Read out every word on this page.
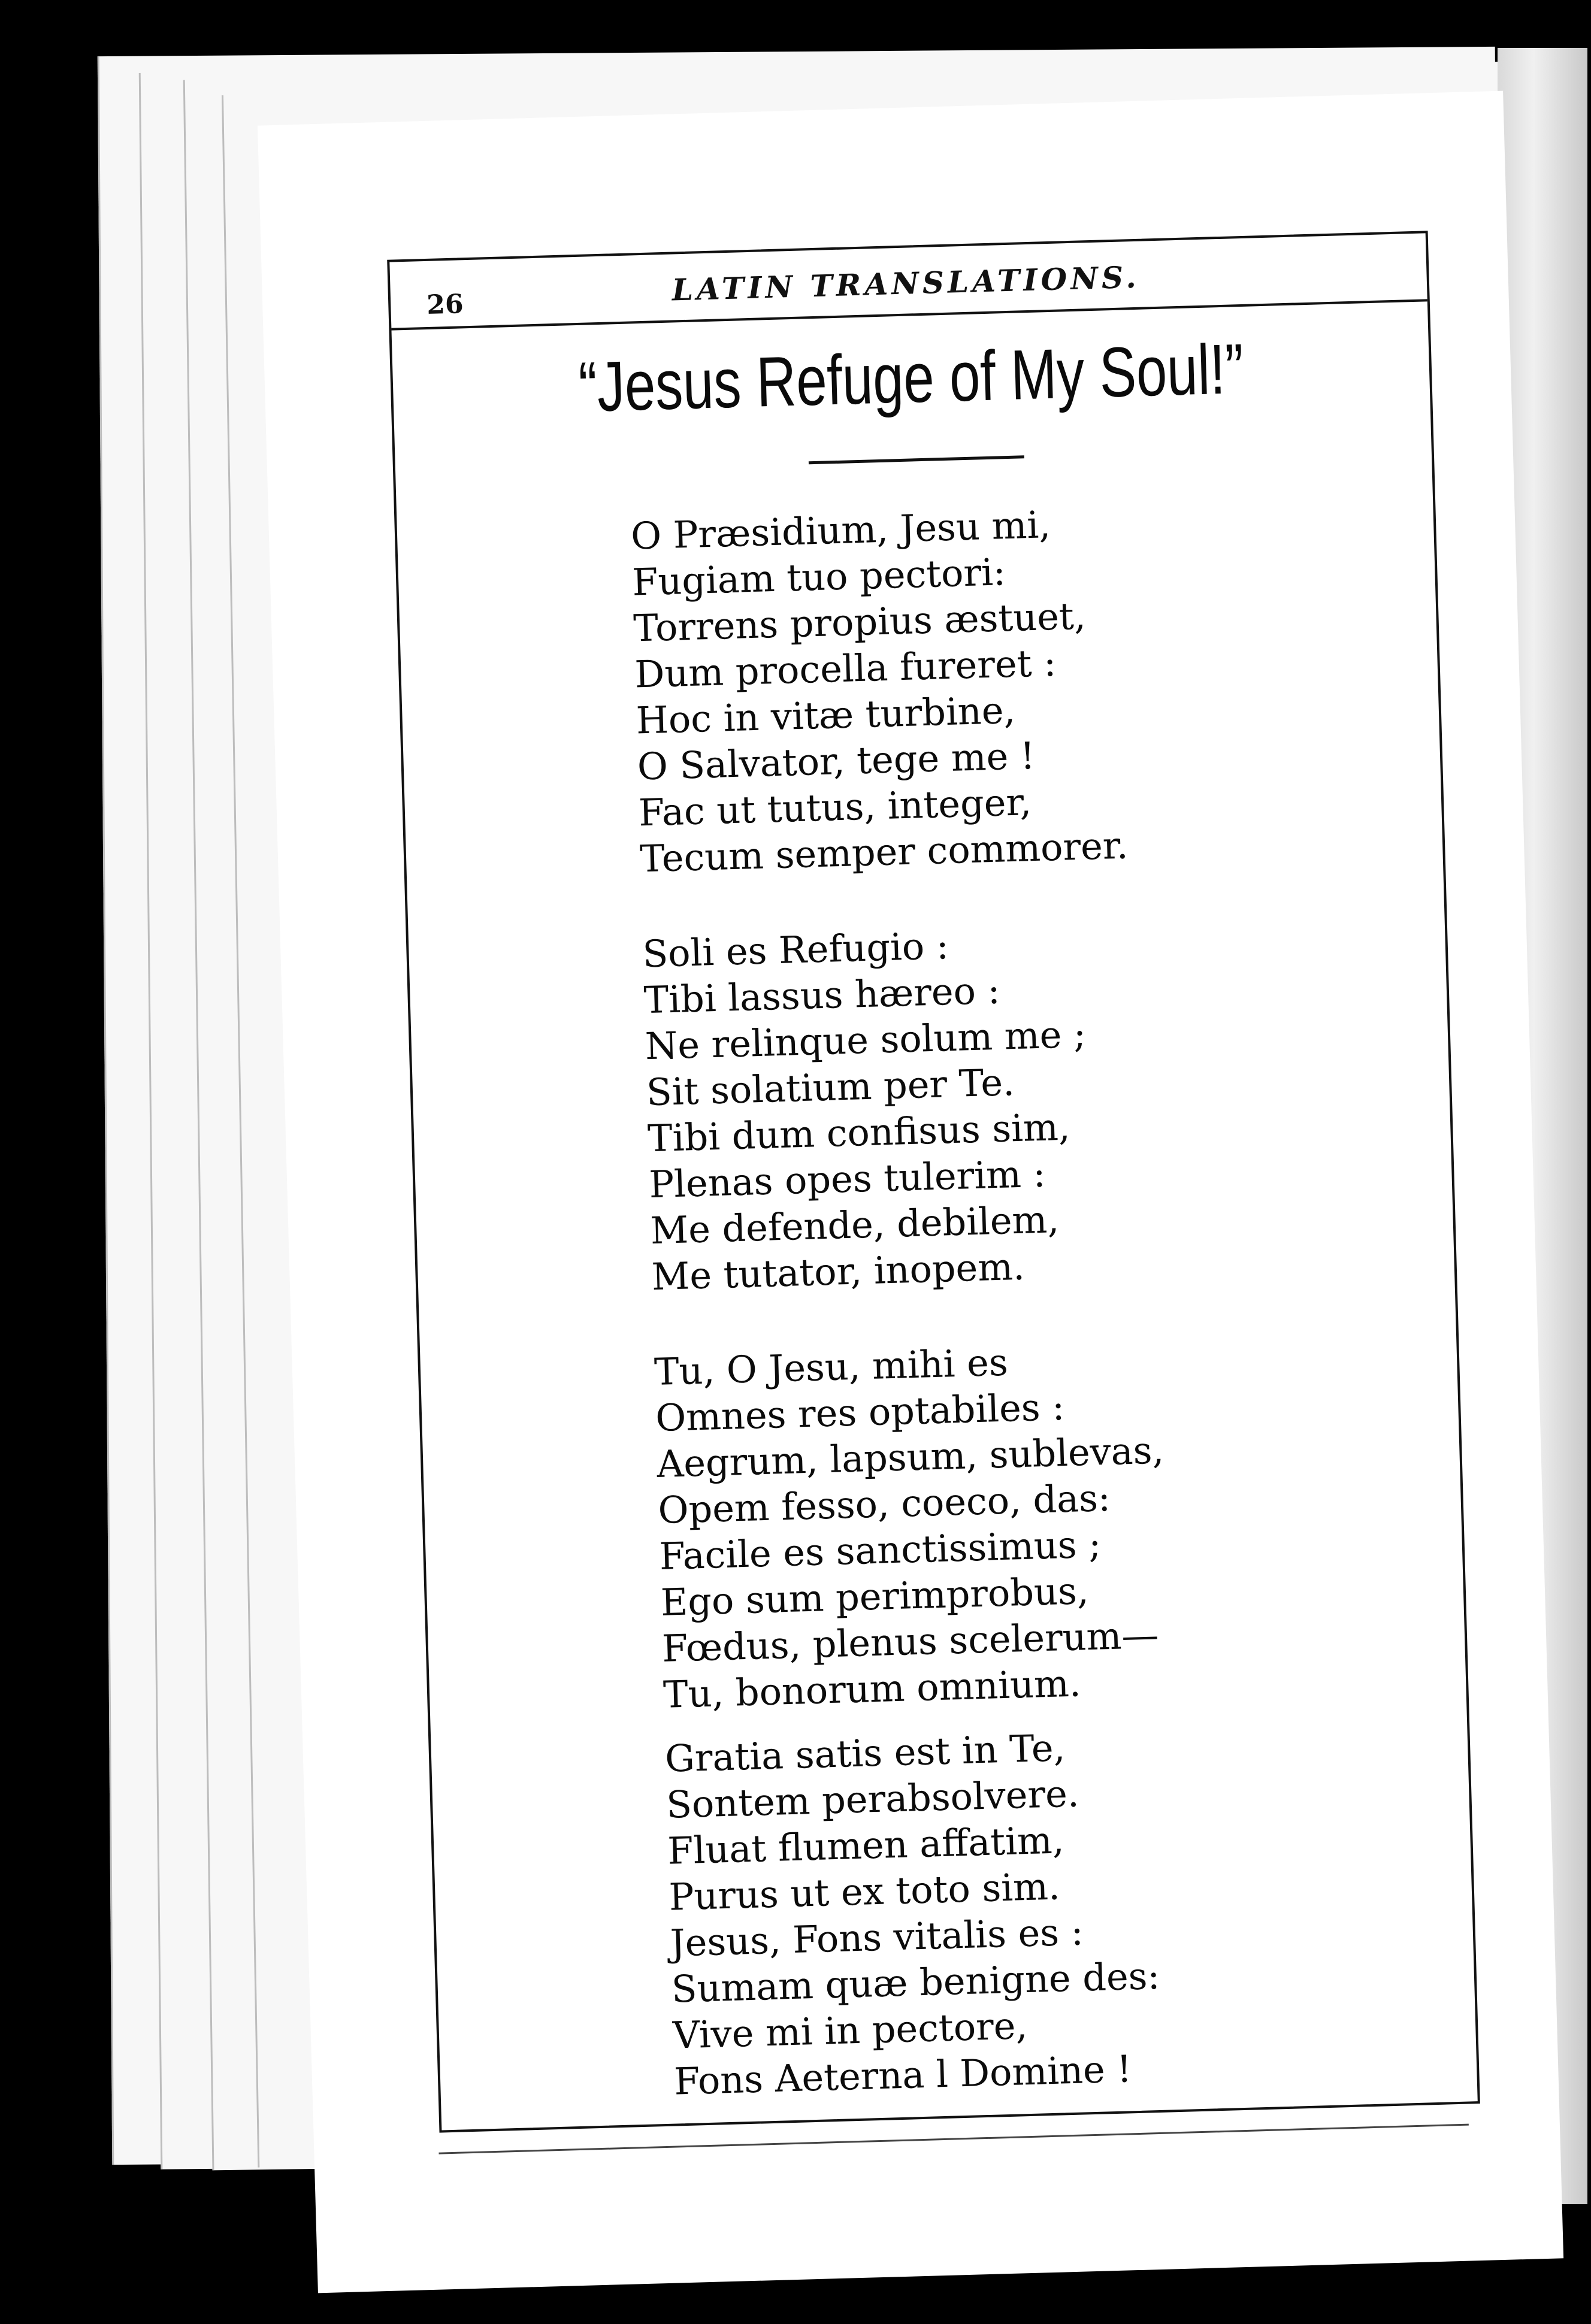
26	LATIN TRANSLATIONS.
“Jesus Refuge of My Soul!”
O Præsidium, Jesu mi,
Fugiam tuo pectori:
Torrens propius æstuet,
Dum procella fureret :
Hoc in vitæ turbine,
O Salvator, tege me !
Fac ut tutus, integer,
Tecum semper commorer.
Soli es Refugio :
Tibi lassus hæreo :
Ne relinque solum me ;
Sit solatium per Te.
Tibi dum confisus sim,
Plenas opes tulerim :
Me defende, debilem,
Me tutator, inopem.
Tu, O Jesu, mihi es
Omnes res optabiles :
Aegrum, lapsum, sublevas,
Opem fesso, coeco, das:
Facile es sanctissimus ;
Ego sum perimprobus,
Fœdus, plenus scelerum—
Tu, bonorum omnium.
Gratia satis est in Te,
Sontem perabsolvere.
Fluat flumen affatim,
Purus ut ex toto sim.
Jesus, Fons vitalis es :
Sumam quæ benigne des:
Vive mi in pectore,
Fons Aeterna l Domine !
